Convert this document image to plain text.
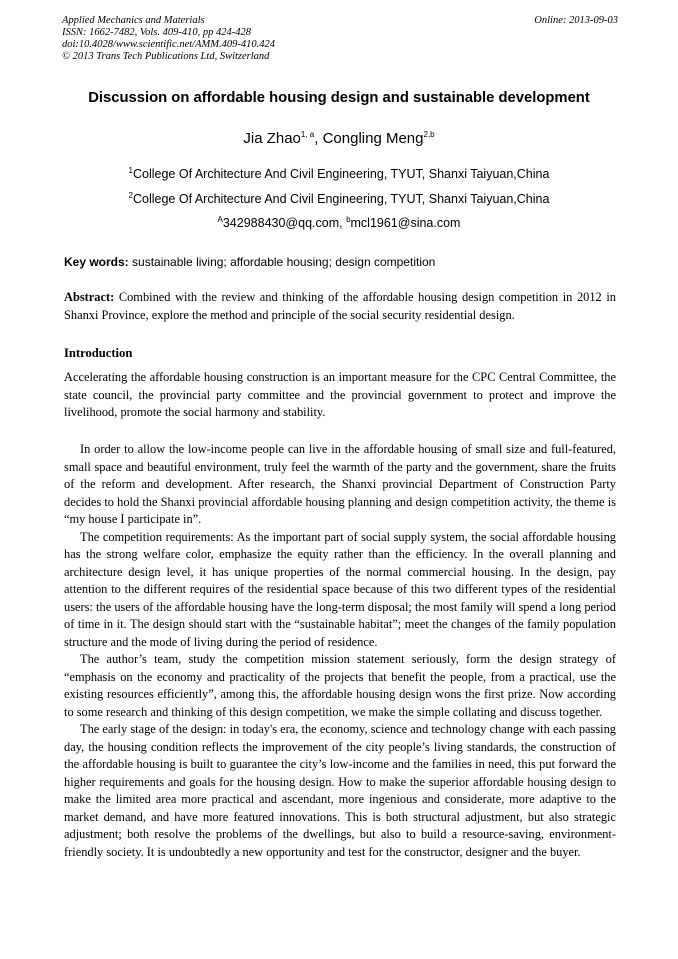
Applied Mechanics and Materials
ISSN: 1662-7482, Vols. 409-410, pp 424-428
doi:10.4028/www.scientific.net/AMM.409-410.424
© 2013 Trans Tech Publications Ltd, Switzerland
Online: 2013-09-03
Discussion on affordable housing design and sustainable development
Jia Zhao$^{1, a}$, Congling Meng$^{2,b}$
$^1$College Of Architecture And Civil Engineering, TYUT, Shanxi Taiyuan,China
$^2$College Of Architecture And Civil Engineering, TYUT, Shanxi Taiyuan,China
$^A$342988430@qq.com, $^b$mcl1961@sina.com
Key words: sustainable living; affordable housing; design competition

Abstract: Combined with the review and thinking of the affordable housing design competition in 2012 in Shanxi Province, explore the method and principle of the social security residential design.

Introduction

Accelerating the affordable housing construction is an important measure for the CPC Central Committee, the state council, the provincial party committee and the provincial government to protect and improve the livelihood, promote the social harmony and stability.

In order to allow the low-income people can live in the affordable housing of small size and full-featured, small space and beautiful environment, truly feel the warmth of the party and the government, share the fruits of the reform and development. After research, the Shanxi provincial Department of Construction Party decides to hold the Shanxi provincial affordable housing planning and design competition activity, the theme is “my house I participate in”.

The competition requirements: As the important part of social supply system, the social affordable housing has the strong welfare color, emphasize the equity rather than the efficiency. In the overall planning and architecture design level, it has unique properties of the normal commercial housing. In the design, pay attention to the different requires of the residential space because of this two different types of the residential users: the users of the affordable housing have the long-term disposal; the most family will spend a long period of time in it. The design should start with the “sustainable habitat”; meet the changes of the family population structure and the mode of living during the period of residence.

The author’s team, study the competition mission statement seriously, form the design strategy of “emphasis on the economy and practicality of the projects that benefit the people, from a practical, use the existing resources efficiently”, among this, the affordable housing design wons the first prize. Now according to some research and thinking of this design competition, we make the simple collating and discuss together.

The early stage of the design: in today's era, the economy, science and technology change with each passing day, the housing condition reflects the improvement of the city people’s living standards, the construction of the affordable housing is built to guarantee the city’s low-income and the families in need, this put forward the higher requirements and goals for the housing design. How to make the superior affordable housing design to make the limited area more practical and ascendant, more ingenious and considerate, more adaptive to the market demand, and have more featured innovations. This is both structural adjustment, but also strategic adjustment; both resolve the problems of the dwellings, but also to build a resource-saving, environment-friendly society. It is undoubtedly a new opportunity and test for the constructor, designer and the buyer.
